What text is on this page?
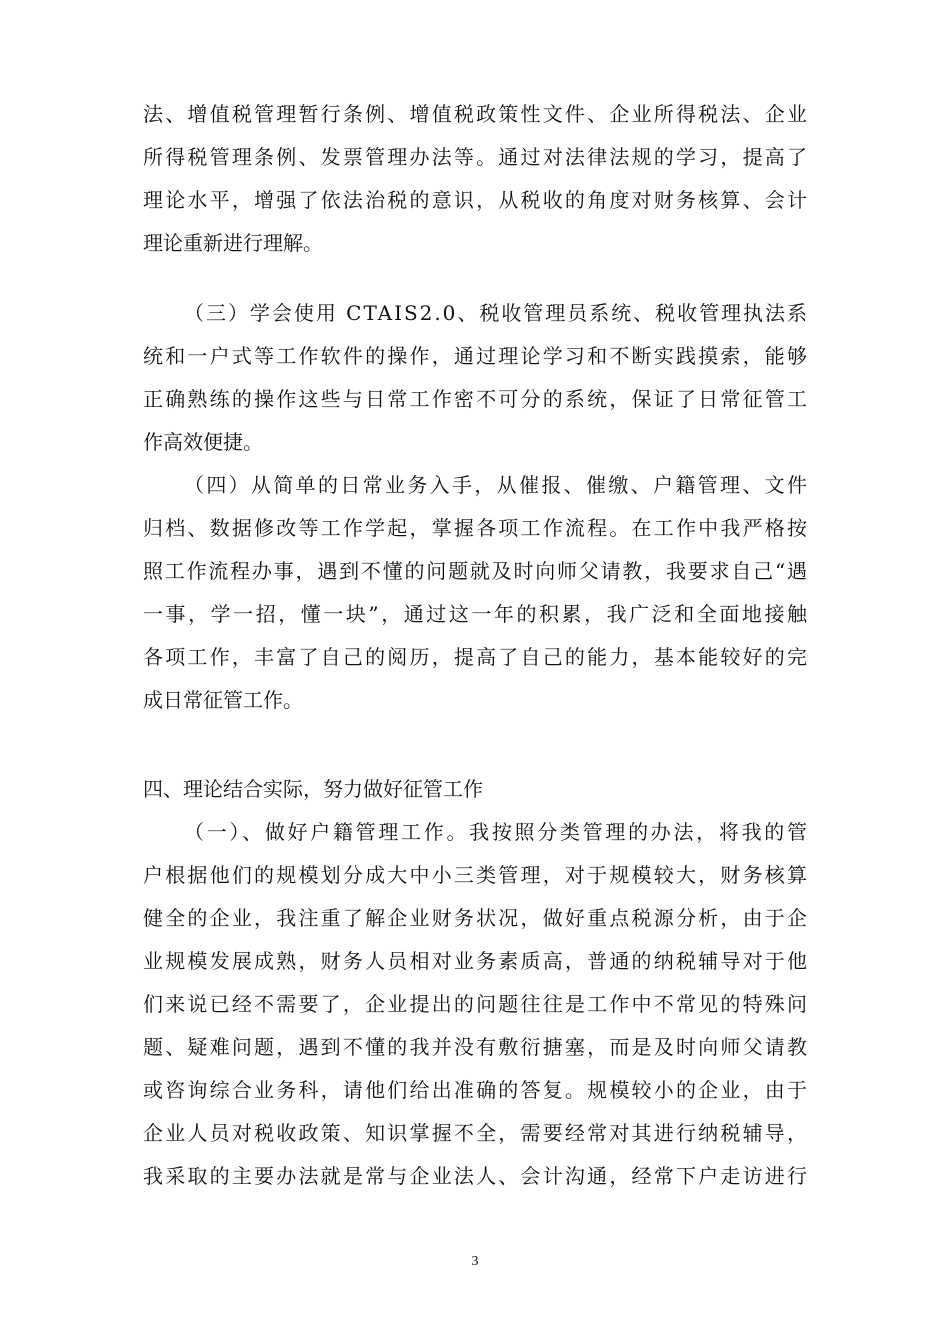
法、增值税管理暂行条例、增值税政策性文件、企业所得税法、企业
所得税管理条例、发票管理办法等。通过对法律法规的学习，提高了
理论水平，增强了依法治税的意识，从税收的角度对财务核算、会计
理论重新进行理解。
（三）学会使用 CTAIS2.0、税收管理员系统、税收管理执法系
统和一户式等工作软件的操作，通过理论学习和不断实践摸索，能够
正确熟练的操作这些与日常工作密不可分的系统，保证了日常征管工
作高效便捷。
（四）从简单的日常业务入手，从催报、催缴、户籍管理、文件
归档、数据修改等工作学起，掌握各项工作流程。在工作中我严格按
照工作流程办事，遇到不懂的问题就及时向师父请教，我要求自己“遇
一事，学一招，懂一块”，通过这一年的积累，我广泛和全面地接触
各项工作，丰富了自己的阅历，提高了自己的能力，基本能较好的完
成日常征管工作。
四、理论结合实际，努力做好征管工作
（一）、做好户籍管理工作。我按照分类管理的办法，将我的管
户根据他们的规模划分成大中小三类管理，对于规模较大，财务核算
健全的企业，我注重了解企业财务状况，做好重点税源分析，由于企
业规模发展成熟，财务人员相对业务素质高，普通的纳税辅导对于他
们来说已经不需要了，企业提出的问题往往是工作中不常见的特殊问
题、疑难问题，遇到不懂的我并没有敷衍搪塞，而是及时向师父请教
或咨询综合业务科，请他们给出准确的答复。规模较小的企业，由于
企业人员对税收政策、知识掌握不全，需要经常对其进行纳税辅导，
我采取的主要办法就是常与企业法人、会计沟通，经常下户走访进行
3
